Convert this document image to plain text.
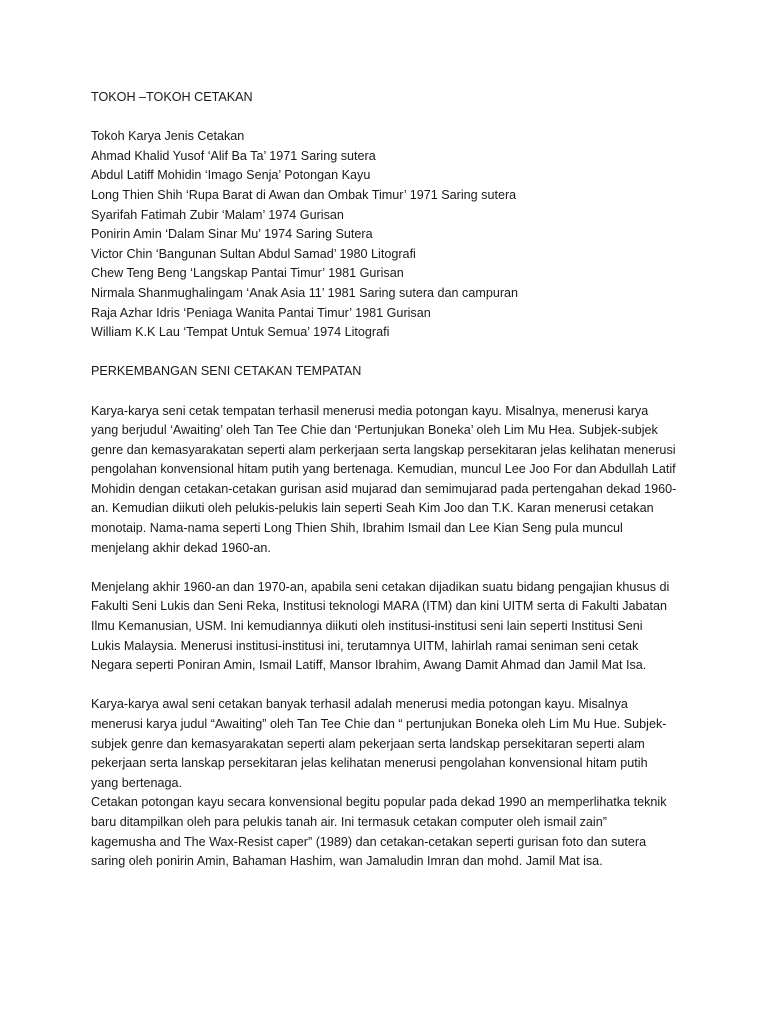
TOKOH –TOKOH CETAKAN
Tokoh Karya Jenis Cetakan
Ahmad Khalid Yusof ‘Alif Ba Ta’ 1971 Saring sutera
Abdul Latiff Mohidin ‘Imago Senja’ Potongan Kayu
Long Thien Shih ‘Rupa Barat di Awan dan Ombak Timur’ 1971 Saring sutera
Syarifah Fatimah Zubir ‘Malam’ 1974 Gurisan
Ponirin Amin ‘Dalam Sinar Mu’ 1974 Saring Sutera
Victor Chin ‘Bangunan Sultan Abdul Samad’ 1980 Litografi
Chew Teng Beng ‘Langskap Pantai Timur’ 1981 Gurisan
Nirmala Shanmughalingam ‘Anak Asia 11’ 1981 Saring sutera dan campuran
Raja Azhar Idris ‘Peniaga Wanita Pantai Timur’ 1981 Gurisan
William K.K Lau ‘Tempat Untuk Semua’ 1974 Litografi
PERKEMBANGAN SENI CETAKAN TEMPATAN
Karya-karya seni cetak tempatan terhasil menerusi media potongan kayu. Misalnya, menerusi karya
yang berjudul ‘Awaiting’ oleh Tan Tee Chie dan ‘Pertunjukan Boneka’ oleh Lim Mu Hea. Subjek-subjek
genre dan kemasyarakatan seperti alam perkerjaan serta langskap persekitaran jelas kelihatan menerusi
pengolahan konvensional hitam putih yang bertenaga. Kemudian, muncul Lee Joo For dan Abdullah Latif
Mohidin dengan cetakan-cetakan gurisan asid mujarad dan semimujarad pada pertengahan dekad 1960-
an. Kemudian diikuti oleh pelukis-pelukis lain seperti Seah Kim Joo dan T.K. Karan menerusi cetakan
monotaip. Nama-nama seperti Long Thien Shih, Ibrahim Ismail dan Lee Kian Seng pula muncul
menjelang akhir dekad 1960-an.
Menjelang akhir 1960-an dan 1970-an, apabila seni cetakan dijadikan suatu bidang pengajian khusus di
Fakulti Seni Lukis dan Seni Reka, Institusi teknologi MARA (ITM) dan kini UITM serta di Fakulti Jabatan
Ilmu Kemanusian, USM. Ini kemudiannya diikuti oleh institusi-institusi seni lain seperti Institusi Seni
Lukis Malaysia. Menerusi institusi-institusi ini, terutamnya UITM, lahirlah ramai seniman seni cetak
Negara seperti Poniran Amin, Ismail Latiff, Mansor Ibrahim, Awang Damit Ahmad dan Jamil Mat Isa.
Karya-karya awal seni cetakan banyak terhasil adalah menerusi media potongan kayu. Misalnya
menerusi karya judul “Awaiting” oleh Tan Tee Chie dan “ pertunjukan Boneka oleh Lim Mu Hue. Subjek-
subjek genre dan kemasyarakatan seperti alam pekerjaan serta landskap persekitaran seperti alam
pekerjaan serta lanskap persekitaran jelas kelihatan menerusi pengolahan konvensional hitam putih
yang bertenaga.
Cetakan potongan kayu secara konvensional begitu popular pada dekad 1990 an memperlihatka teknik
baru ditampilkan oleh para pelukis tanah air. Ini termasuk cetakan computer oleh ismail zain”
kagemusha and The Wax-Resist caper” (1989) dan cetakan-cetakan seperti gurisan foto dan sutera
saring oleh ponirin Amin, Bahaman Hashim, wan Jamaludin Imran dan mohd. Jamil Mat isa.
